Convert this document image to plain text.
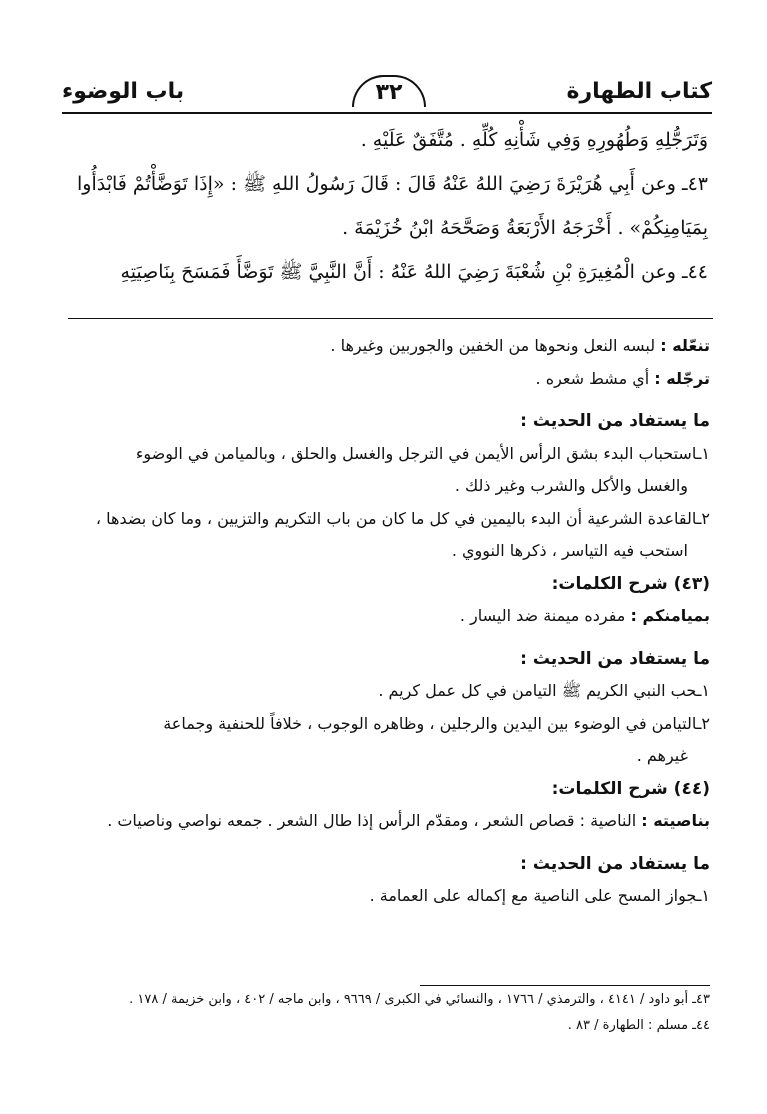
كتاب الطهارة
٣٢
باب الوضوء

وَتَرَجُّلِهِ وَطُهُورِهِ وَفِي شَأْنِهِ كُلِّهِ . مُتَّفَقٌ عَلَيْهِ .

٤٣ـ وعن أَبِي هُرَيْرَةَ رَضِيَ اللهُ عَنْهُ قَالَ : قَالَ رَسُولُ اللهِ ﷺ : «إِذَا تَوَضَّأْتُمْ فَابْدَأُوا

بِمَيَامِنِكُمْ» . أَخْرَجَهُ الأَرْبَعَةُ وَصَحَّحَهُ ابْنُ خُزَيْمَةَ .

٤٤ـ وعن الْمُغِيرَةِ بْنِ شُعْبَةَ رَضِيَ اللهُ عَنْهُ : أَنَّ النَّبِيَّ ﷺ تَوَضَّأَ فَمَسَحَ بِنَاصِيَتِهِ

تنعّله : لبسه النعل ونحوها من الخفين والجوربين وغيرها .

ترجّله : أي مشط شعره .

ما يستفاد من الحديث :

١ـاستحباب البدء بشق الرأس الأيمن في الترجل والغسل والحلق ، وبالميامن في الوضوء

والغسل والأكل والشرب وغير ذلك .

٢ـالقاعدة الشرعية أن البدء باليمين في كل ما كان من باب التكريم والتزيين ، وما كان بضدها ،

استحب فيه التياسر ، ذكرها النووي .

(٤٣) شرح الكلمات:

بميامنكم : مفرده ميمنة ضد اليسار .

ما يستفاد من الحديث :

١ـحب النبي الكريم ﷺ التيامن في كل عمل كريم .

٢ـالتيامن في الوضوء بين اليدين والرجلين ، وظاهره الوجوب ، خلافاً للحنفية وجماعة

غيرهم .

(٤٤) شرح الكلمات:

بناصيته : الناصية : قصاص الشعر ، ومقدّم الرأس إذا طال الشعر . جمعه نواصي وناصيات .

ما يستفاد من الحديث :

١ـجواز المسح على الناصية مع إكماله على العمامة .

٤٣ـ أبو داود / ٤١٤١ ، والترمذي / ١٧٦٦ ، والنسائي في الكبرى / ٩٦٦٩ ، وابن ماجه / ٤٠٢ ، وابن خزيمة / ١٧٨ .

٤٤ـ مسلم : الطهارة / ٨٣ .
